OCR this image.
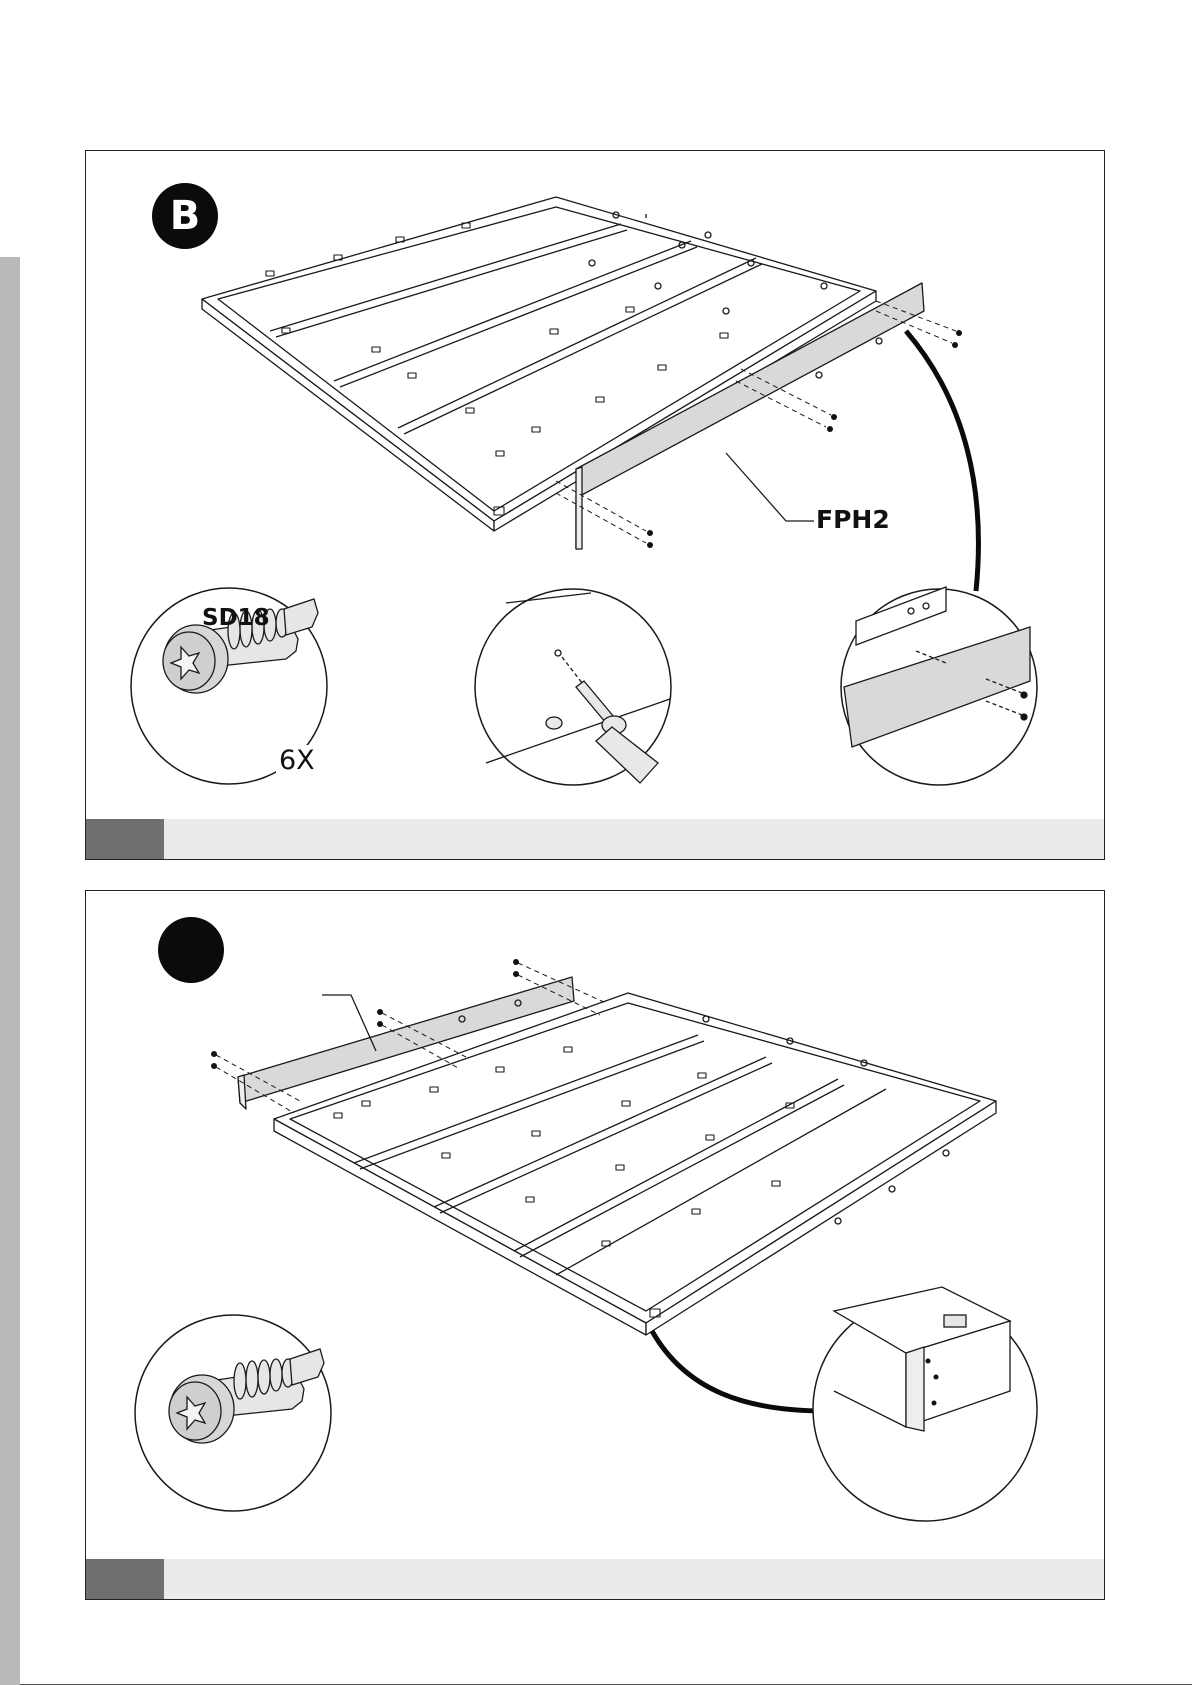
B
FPH2
SD18
6X
